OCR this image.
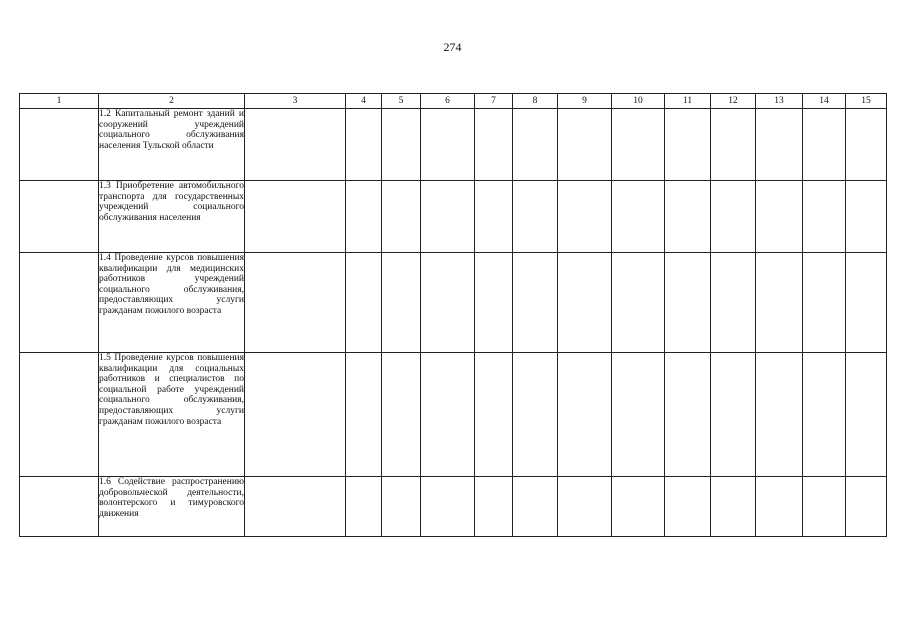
274
1	2	3	4	5	6	7	8	9	10	11	12	13	14	15
	1.2 Капитальный ремонт зданий и сооружений учреждений социального обслуживания населения Тульской области													
	1.3 Приобретение автомобильного транспорта для государственных учреждений социального обслуживания населения													
	1.4 Проведение курсов повышения квалификации для медицинских работников учреждений социального обслуживания, предоставляющих услуги гражданам пожилого возраста													
	1.5 Проведение курсов повышения квалификации для социальных работников и специалистов по социальной работе учреждений социального обслуживания, предоставляющих услуги гражданам пожилого возраста													
	1.6 Содействие распространению добровольческой деятельности, волонтерского и тимуровского движения													
